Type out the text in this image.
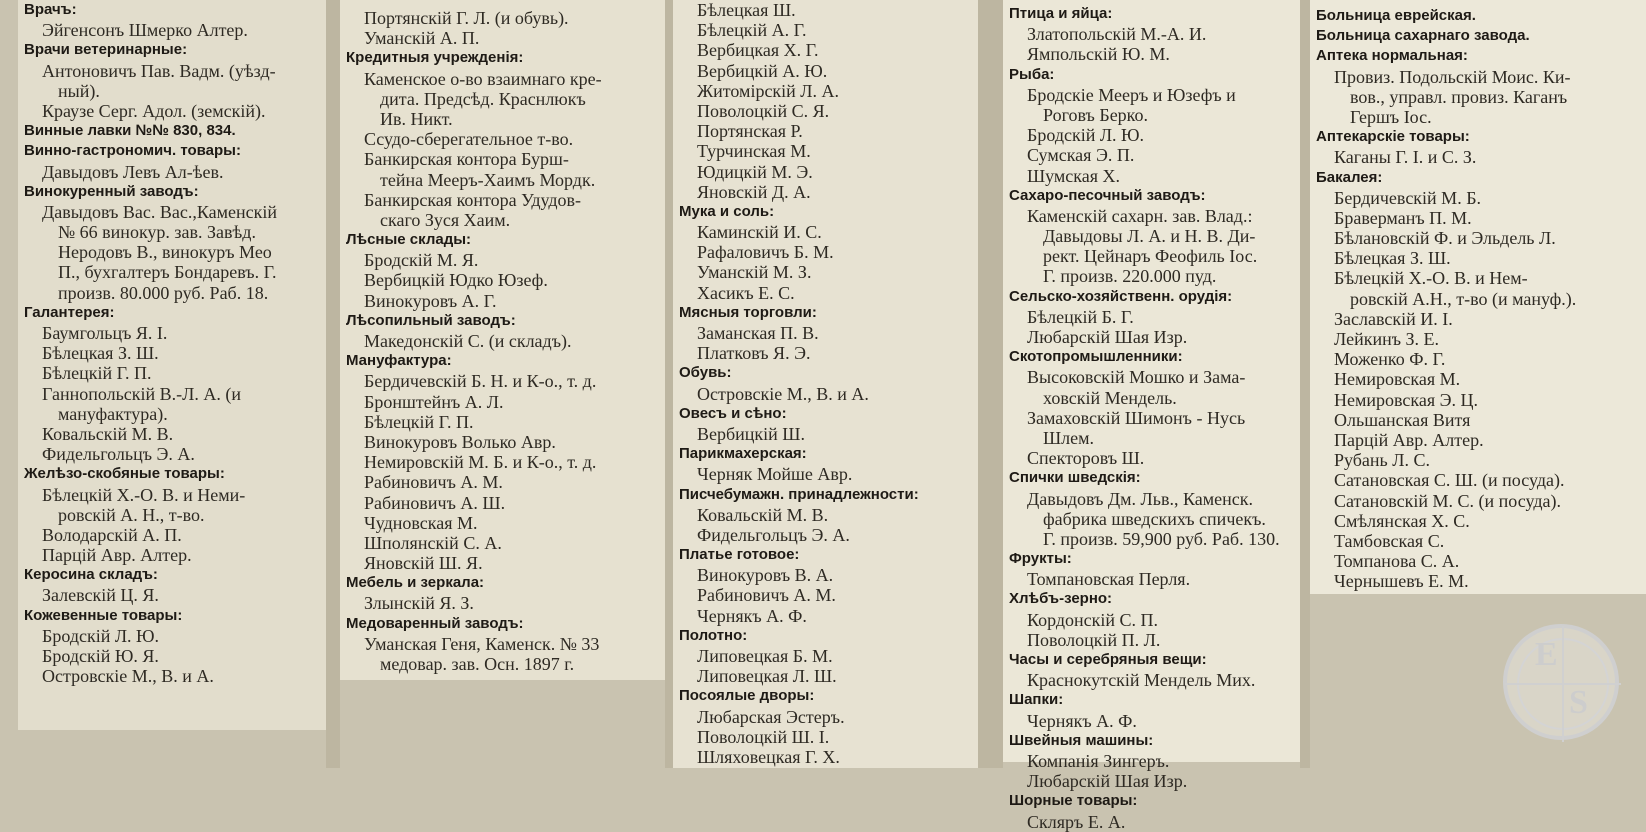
Врачъ:
Эйгенсонъ Шмерко Алтер.
Врачи ветеринарные:
Антоновичъ Пав. Вадм. (уѣзд-
ный).
Краузе Серг. Адол. (земскій).
Винные лавки №№ 830, 834.
Винно-гастрономич. товары:
Давыдовъ Левъ Ал-ѣев.
Винокуренный заводъ:
Давыдовъ Вас. Вас.,Каменскій
№ 66 винокур. зав. Завѣд.
Неродовъ В., винокуръ Мео
П., бухгалтеръ Бондаревъ. Г.
произв. 80.000 руб. Раб. 18.
Галантерея:
Баумгольцъ Я. I.
Бѣлецкая З. Ш.
Бѣлецкій Г. П.
Ганнопольскій В.-Л. А. (и
мануфактура).
Ковальскій М. В.
Фидельгольцъ Э. А.
Желѣзо-скобяные товары:
Бѣлецкій Х.-О. В. и Неми-
ровскій А. Н., т-во.
Володарскій А. П.
Парцій Авр. Алтер.
Керосина складъ:
Залевскій Ц. Я.
Кожевенные товары:
Бродскій Л. Ю.
Бродскій Ю. Я.
Островскіе М., В. и А.
Портянскій Г. Л. (и обувь).
Уманскій А. П.
Кредитныя учрежденія:
Каменское о-во взаимнаго кре-
дита. Предсѣд. Краснлюкъ
Ив. Никт.
Ссудо-сберегательное т-во.
Банкирская контора Бурш-
тейна Мееръ-Хаимъ Мордк.
Банкирская контора Удудов-
скаго Зуся Хаим.
Лѣсные склады:
Бродскій М. Я.
Вербицкій Юдко Юзеф.
Винокуровъ А. Г.
Лѣсопильный заводъ:
Македонскій С. (и складъ).
Мануфактура:
Бердичевскій Б. Н. и К-о., т. д.
Бронштейнъ А. Л.
Бѣлецкій Г. П.
Винокуровъ Волько Авр.
Немировскій М. Б. и К-о., т. д.
Рабиновичъ А. М.
Рабиновичъ А. Ш.
Чудновская М.
Шполянскій С. А.
Яновскій Ш. Я.
Мебель и зеркала:
Злынскій Я. З.
Медоваренный заводъ:
Уманская Геня, Каменск. № 33
медовар. зав. Осн. 1897 г.
Бѣлецкая Ш.
Бѣлецкій А. Г.
Вербицкая Х. Г.
Вербицкій А. Ю.
Житомірскій Л. А.
Поволоцкій С. Я.
Портянская Р.
Турчинская М.
Юдицкій М. Э.
Яновскій Д. А.
Мука и соль:
Каминскій И. С.
Рафаловичъ Б. М.
Уманскій М. З.
Хасикъ Е. С.
Мясныя торговли:
Заманская П. В.
Платковъ Я. Э.
Обувь:
Островскіе М., В. и А.
Овесъ и сѣно:
Вербицкій Ш.
Парикмахерская:
Черняк Мойше Авр.
Писчебумажн. принадлежности:
Ковальскій М. В.
Фидельгольцъ Э. А.
Платье готовое:
Винокуровъ В. А.
Рабиновичъ А. М.
Чернякъ А. Ф.
Полотно:
Липовецкая Б. М.
Липовецкая Л. Ш.
Посоялые дворы:
Любарская Эстеръ.
Поволоцкій Ш. I.
Шляховецкая Г. Х.
Птица и яйца:
Златопольскій М.-А. И.
Ямпольскій Ю. М.
Рыба:
Бродскіе Мееръ и Юзефъ и
Роговъ Берко.
Бродскій Л. Ю.
Сумская Э. П.
Шумская Х.
Сахаро-песочный заводъ:
Каменскій сахарн. зав. Влад.:
Давыдовы Л. А. и Н. В. Ди-
рект. Цейнаръ Феофиль Іос.
Г. произв. 220.000 пуд.
Сельско-хозяйственн. орудія:
Бѣлецкій Б. Г.
Любарскій Шая Изр.
Скотопромышленники:
Высоковскій Мошко и Зама-
ховскій Мендель.
Замаховскій Шимонъ - Нусь
Шлем.
Спекторовъ Ш.
Спички шведскія:
Давыдовъ Дм. Льв., Каменск.
фабрика шведскихъ спичекъ.
Г. произв. 59,900 руб. Раб. 130.
Фрукты:
Томпановская Перля.
Хлѣбъ-зерно:
Кордонскій С. П.
Поволоцкій П. Л.
Часы и серебряныя вещи:
Краснокутскій Мендель Мих.
Шапки:
Чернякъ А. Ф.
Швейныя машины:
Компанія Зингеръ.
Любарскій Шая Изр.
Шорные товары:
Скляръ Е. А.
Больница еврейская.
Больница сахарнаго завода.
Аптека нормальная:
Провиз. Подольскій Моис. Ки-
вов., управл. провиз. Каганъ
Гершъ Іос.
Аптекарскіе товары:
Каганы Г. I. и С. З.
Бакалея:
Бердичевскій М. Б.
Браверманъ П. М.
Бѣлановскій Ф. и Эльдель Л.
Бѣлецкая З. Ш.
Бѣлецкій Х.-О. В. и Нем-
ровскій А.Н., т-во (и мануф.).
Заславскій И. I.
Лейкинъ З. Е.
Моженко Ф. Г.
Немировская М.
Немировская Э. Ц.
Ольшанская Витя
Парцій Авр. Алтер.
Рубань Л. С.
Сатановская С. Ш. (и посуда).
Сатановскій М. С. (и посуда).
Смѣлянская Х. С.
Тамбовская С.
Томпанова С. А.
Чернышевъ Е. М.
E
S
